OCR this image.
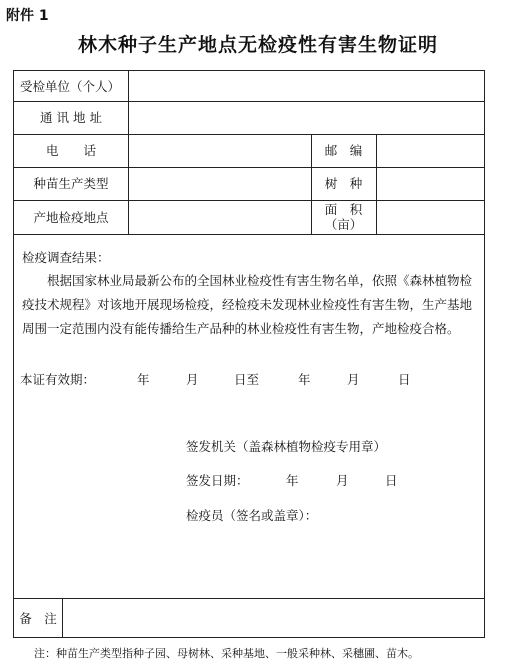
附件 1
林木种子生产地点无检疫性有害生物证明
受检单位（个人）
通 讯 地 址
电　　话	邮　编
种苗生产类型	树　种
产地检疫地点	面　积
（亩）
检疫调查结果：
根据国家林业局最新公布的全国林业检疫性有害生物名单，依照《森林植物检疫技术规程》对该地开展现场检疫，经检疫未发现林业检疫性有害生物，生产基地周围一定范围内没有能传播给生产品种的林业检疫性有害生物，产地检疫合格。
本证有效期：	年	月	日至	年	月	日
签发机关（盖森林植物检疫专用章）
签发日期：	年	月	日
检疫员（签名或盖章）：
备　注
注：种苗生产类型指种子园、母树林、采种基地、一般采种林、采穗圃、苗木。
